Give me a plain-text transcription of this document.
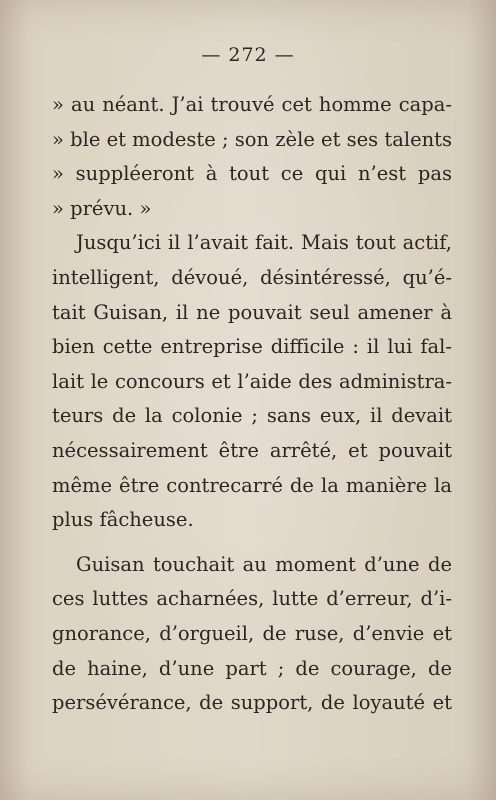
— 272 —
» au néant. J’ai trouvé cet homme capa-
» ble et modeste ; son zèle et ses talents
» suppléeront à tout ce qui n’est pas
» prévu. »
Jusqu’ici il l’avait fait. Mais tout actif,
intelligent, dévoué, désintéressé, qu’é-
tait Guisan, il ne pouvait seul amener à
bien cette entreprise difficile : il lui fal-
lait le concours et l’aide des administra-
teurs de la colonie ; sans eux, il devait
nécessairement être arrêté, et pouvait
même être contrecarré de la manière la
plus fâcheuse.
Guisan touchait au moment d’une de
ces luttes acharnées, lutte d’erreur, d’i-
gnorance, d’orgueil, de ruse, d’envie et
de haine, d’une part ; de courage, de
persévérance, de support, de loyauté et
